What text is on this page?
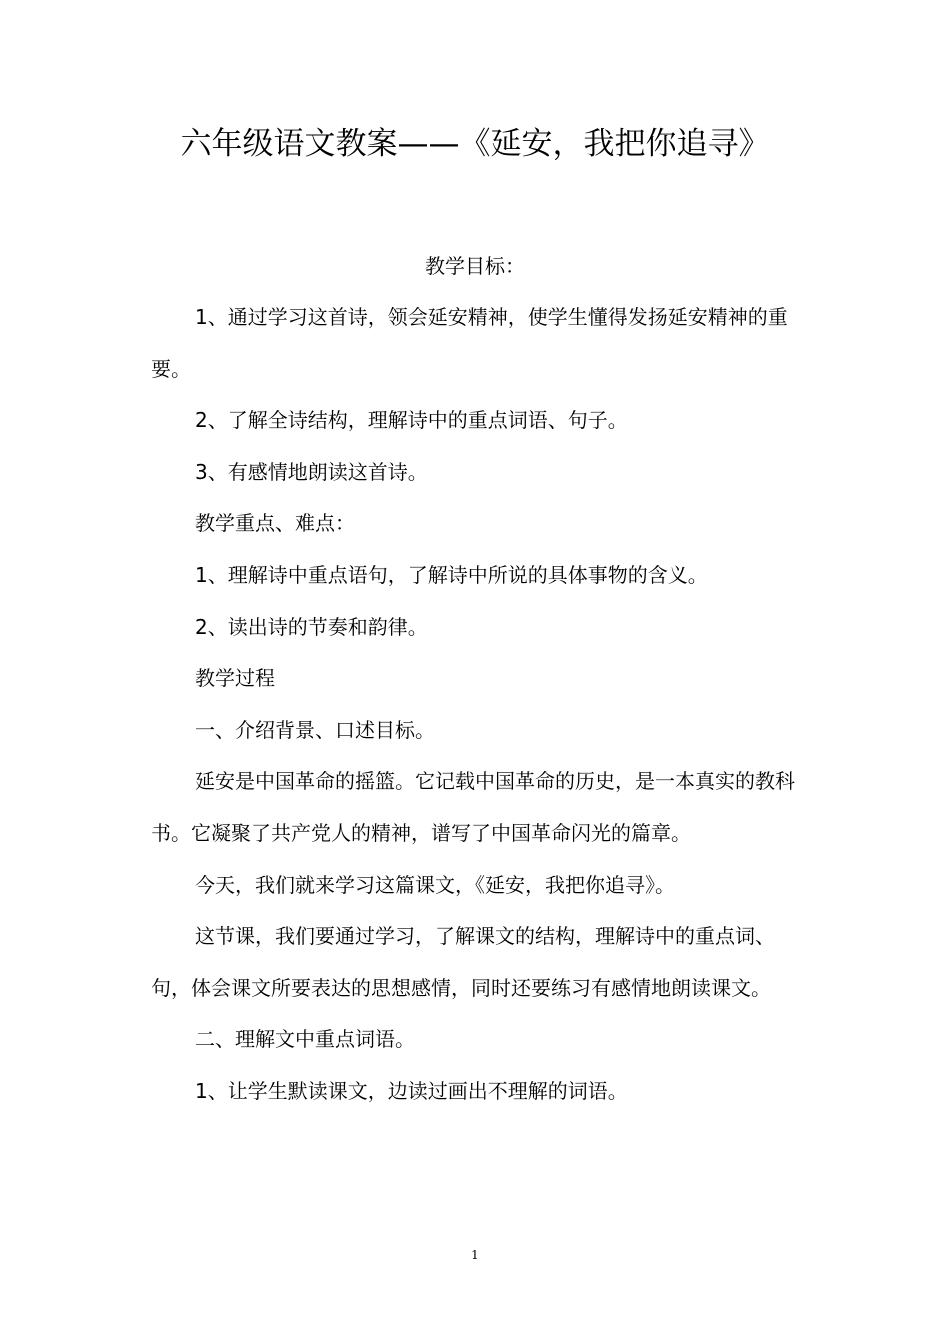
六年级语文教案——《延安，我把你追寻》
教学目标：

1、通过学习这首诗，领会延安精神，使学生懂得发扬延安精神的重要。

2、了解全诗结构，理解诗中的重点词语、句子。

3、有感情地朗读这首诗。

教学重点、难点：

1、理解诗中重点语句，了解诗中所说的具体事物的含义。

2、读出诗的节奏和韵律。

教学过程

一、介绍背景、口述目标。

延安是中国革命的摇篮。它记载中国革命的历史，是一本真实的教科书。它凝聚了共产党人的精神，谱写了中国革命闪光的篇章。

今天，我们就来学习这篇课文，《延安，我把你追寻》。

这节课，我们要通过学习，了解课文的结构，理解诗中的重点词、句，体会课文所要表达的思想感情，同时还要练习有感情地朗读课文。

二、理解文中重点词语。

1、让学生默读课文，边读过画出不理解的词语。

1
